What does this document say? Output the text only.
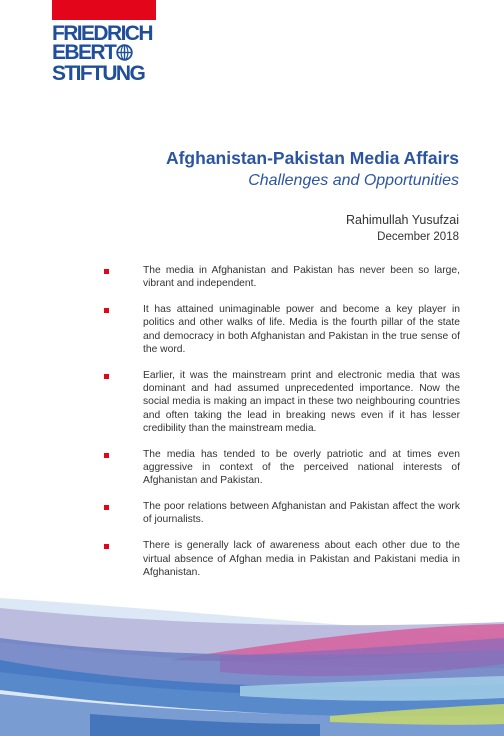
FRIEDRICH
EBERT
STIFTUNG
Afghanistan-Pakistan Media Affairs
Challenges and Opportunities
Rahimullah Yusufzai
December 2018
The media in Afghanistan and Pakistan has never been so large, vibrant and independent.
It has attained unimaginable power and become a key player in politics and other walks of life. Media is the fourth pillar of the state and democracy in both Afghanistan and Pakistan in the true sense of the word.
Earlier, it was the mainstream print and electronic media that was dominant and had assumed unprecedented importance. Now the social media is making an impact in these two neighbouring countries and often taking the lead in breaking news even if it has lesser credibility than the mainstream media.
The media has tended to be overly patriotic and at times even aggressive in context of the perceived national interests of Afghanistan and Pakistan.
The poor relations between Afghanistan and Pakistan affect the work of journalists.
There is generally lack of awareness about each other due to the virtual absence of Afghan media in Pakistan and Pakistani media in Afghanistan.
